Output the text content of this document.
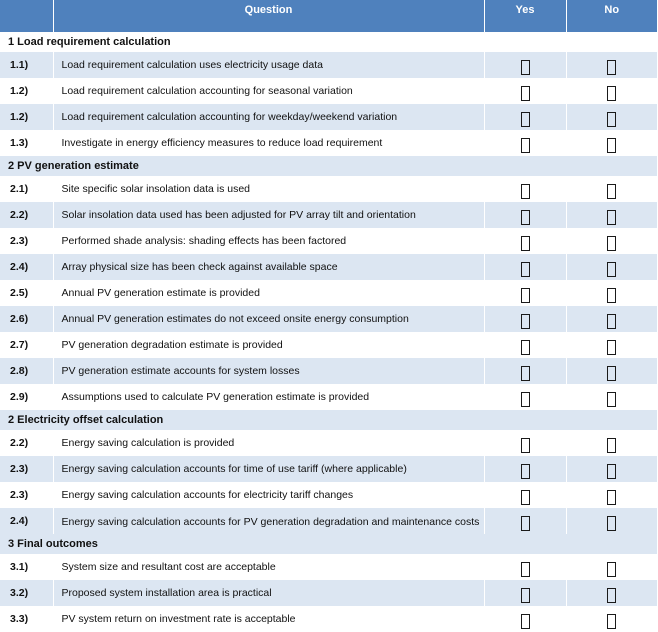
	Question	Yes	No
1 Load requirement calculation			
1.1)	Load requirement calculation uses electricity usage data		
1.2)	Load requirement calculation accounting for seasonal variation		
1.2)	Load requirement calculation accounting for weekday/weekend variation		
1.3)	Investigate in energy efficiency measures to reduce load requirement		
2 PV generation estimate			
2.1)	Site specific solar insolation data is used		
2.2)	Solar insolation data used has been adjusted for PV array tilt and orientation		
2.3)	Performed shade analysis: shading effects has been factored		
2.4)	Array physical size has been check against available space		
2.5)	Annual PV generation estimate is provided		
2.6)	Annual PV generation estimates do not exceed onsite energy consumption		
2.7)	PV generation degradation estimate is provided		
2.8)	PV generation estimate accounts for system losses		
2.9)	Assumptions used to calculate PV generation estimate is provided		
2 Electricity offset calculation			
2.2)	Energy saving calculation is provided		
2.3)	Energy saving calculation accounts for time of use tariff (where applicable)		
2.3)	Energy saving calculation accounts for electricity tariff changes		
2.4)	Energy saving calculation accounts for PV generation degradation and maintenance costs		
3 Final outcomes			
3.1)	System size and resultant cost are acceptable		
3.2)	Proposed system installation area is practical		
3.3)	PV system return on investment rate is acceptable		
